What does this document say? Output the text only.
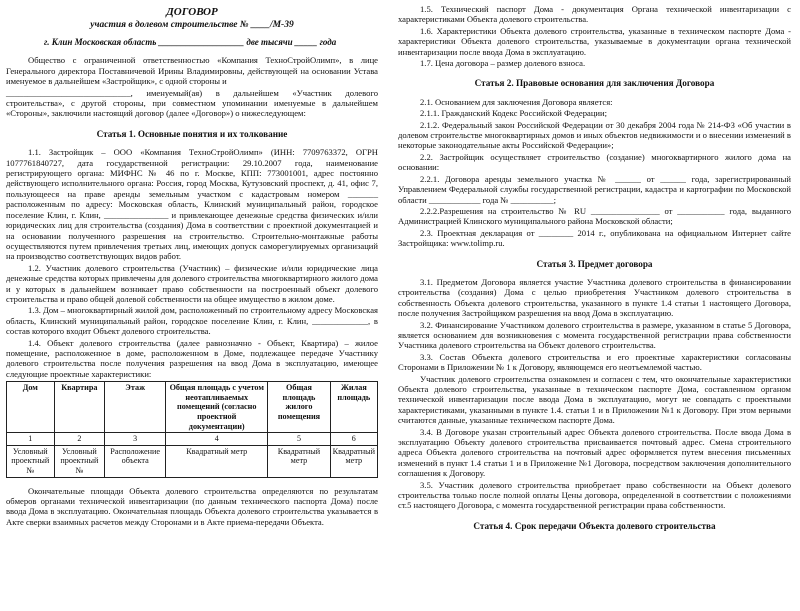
ДОГОВОР
участия в долевом строительстве № ____/М-39
г. Клин Московская область ___________________ две тысячи _____ года

Общество с ограниченной ответственностью «Компания ТехноСтройОлимп», в лице Генерального директора Поставничевой Ирины Владимировны, действующей на основании Устава именуемое в дальнейшем «Застройщик», с одной стороны и

_____________________________, именуемый(ая) в дальнейшем «Участник долевого строительства», с другой стороны, при совместном упоминании именуемые в дальнейшем «Стороны», заключили настоящий договор (далее «Договор») о нижеследующем:

Статья 1. Основные понятия и их толкование

1.1. Застройщик – ООО «Компания ТехноСтройОлимп» (ИНН: 7709763372, ОГРН 1077761840727, дата государственной регистрации: 29.10.2007 года, наименование регистрирующего органа: МИФНС № 46 по г. Москве, КПП: 773001001, адрес постоянно действующего исполнительного органа: Россия, город Москва, Кутузовский проспект, д. 41, офис 7, пользующееся на праве аренды земельным участком с кадастровым номером _______ расположенным по адресу: Московская область, Клинский муниципальный район, городское поселение Клин, г. Клин, _______________ и привлекающее денежные средства физических и/или юридических лиц для строительства (создания) Дома в соответствии с проектной документацией и на основании полученного разрешения на строительство. Строительно-монтажные работы осуществляются путем привлечения третьих лиц, имеющих допуск саморегулируемых организаций на производство соответствующих видов работ.

1.2. Участник долевого строительства (Участник) – физические и/или юридические лица денежные средства которых привлечены для долевого строительства многоквартирного жилого дома и у которых в дальнейшем возникает право собственности на построенный объект долевого строительства и право общей долевой собственности на общее имущество в жилом доме.

1.3. Дом – многоквартирный жилой дом, расположенный по строительному адресу Московская область, Клинский муниципальный район, городское поселение Клин, г. Клин, _____________, в состав которого входит Объект долевого строительства.

1.4. Объект долевого строительства (далее равнозначно - Объект, Квартира) – жилое помещение, расположенное в доме, расположенном в Доме, подлежащее передаче Участнику долевого строительства после получения разрешения на ввод Дома в эксплуатацию, имеющее следующие проектные характеристики:

Дом	Квартира	Этаж	Общая площадь с учетом неотапливаемых помещений (согласно проектной документации)	Общая площадь жилого помещения	Жилая площадь
1	2	3	4	5	6
Условный проектный №	Условный проектный №	Расположение объекта	Квадратный метр	Квадратный метр	Квадратный метр

Окончательные площади Объекта долевого строительства определяются по результатам обмеров органами технической инвентаризации (по данным технического паспорта Дома) после ввода Дома в эксплуатацию. Окончательная площадь Объекта долевого строительства указывается в Акте сверки взаимных расчетов между Сторонами и в Акте приема-передачи Объекта.

1.5. Технический паспорт Дома - документация Органа технической инвентаризации с характеристиками Объекта долевого строительства.

1.6. Характеристики Объекта долевого строительства, указанные в техническом паспорте Дома - характеристики Объекта долевого строительства, указываемые в документации органа технической инвентаризации после ввода Дома в эксплуатацию.

1.7. Цена договора – размер долевого взноса.

Статья 2. Правовые основания для заключения Договора

2.1. Основанием для заключения Договора является:

2.1.1. Гражданский Кодекс Российской Федерации;

2.1.2. Федеральный закон Российской Федерации от 30 декабря 2004 года № 214-ФЗ «Об участии в долевом строительстве многоквартирных домов и иных объектов недвижимости и о внесении изменений в некоторые законодательные акты Российской Федерации»;

2.2. Застройщик осуществляет строительство (создание) многоквартирного жилого дома на основании:

2.2.1. Договора аренды земельного участка № ______ от ______ года, зарегистрированный Управлением Федеральной службы государственной регистрации, кадастра и картографии по Московской области ____________ года № __________;

2.2.2.Разрешения на строительство № RU ________________ от ___________ года, выданного Администрацией Клинского муниципального района Московской области;

2.3. Проектная декларация от ________ 2014 г., опубликована на официальном Интернет сайте Застройщика: www.tolimp.ru.

Статья 3. Предмет договора

3.1. Предметом Договора является участие Участника долевого строительства в финансировании строительства (создания) Дома с целью приобретения Участником долевого строительства в собственность Объекта долевого строительства, указанного в пункте 1.4 статьи 1 настоящего Договора, после получения Застройщиком разрешения на ввод Дома в эксплуатацию.

3.2. Финансирование Участником долевого строительства в размере, указанном в статье 5 Договора, является основанием для возникновения с момента государственной регистрации права собственности Участника долевого строительства на Объект долевого строительства.

3.3. Состав Объекта долевого строительства и его проектные характеристики согласованы Сторонами в Приложении № 1 к Договору, являющемся его неотъемлемой частью.

Участник долевого строительства ознакомлен и согласен с тем, что окончательные характеристики Объекта долевого строительства, указанные в техническом паспорте Дома, составленном органом технической инвентаризации после ввода Дома в эксплуатацию, могут не совпадать с проектными характеристиками, указанными в пункте 1.4. статьи 1 и в Приложении №1 к Договору. При этом верными считаются данные, указанные техническом паспорте Дома.

3.4. В Договоре указан строительный адрес Объекта долевого строительства. После ввода Дома в эксплуатацию Объекту долевого строительства присваивается почтовый адрес. Смена строительного адреса Объекта долевого строительства на почтовый адрес оформляется путем внесения письменных изменений в пункт 1.4 статьи 1 и в Приложение №1 Договора, посредством заключения дополнительного соглашения к Договору.

3.5. Участник долевого строительства приобретает право собственности на Объект долевого строительства только после полной оплаты Цены договора, определенной в соответствии с положениями ст.5 настоящего Договора, с момента государственной регистрации права собственности.

Статья 4. Срок передачи Объекта долевого строительства
